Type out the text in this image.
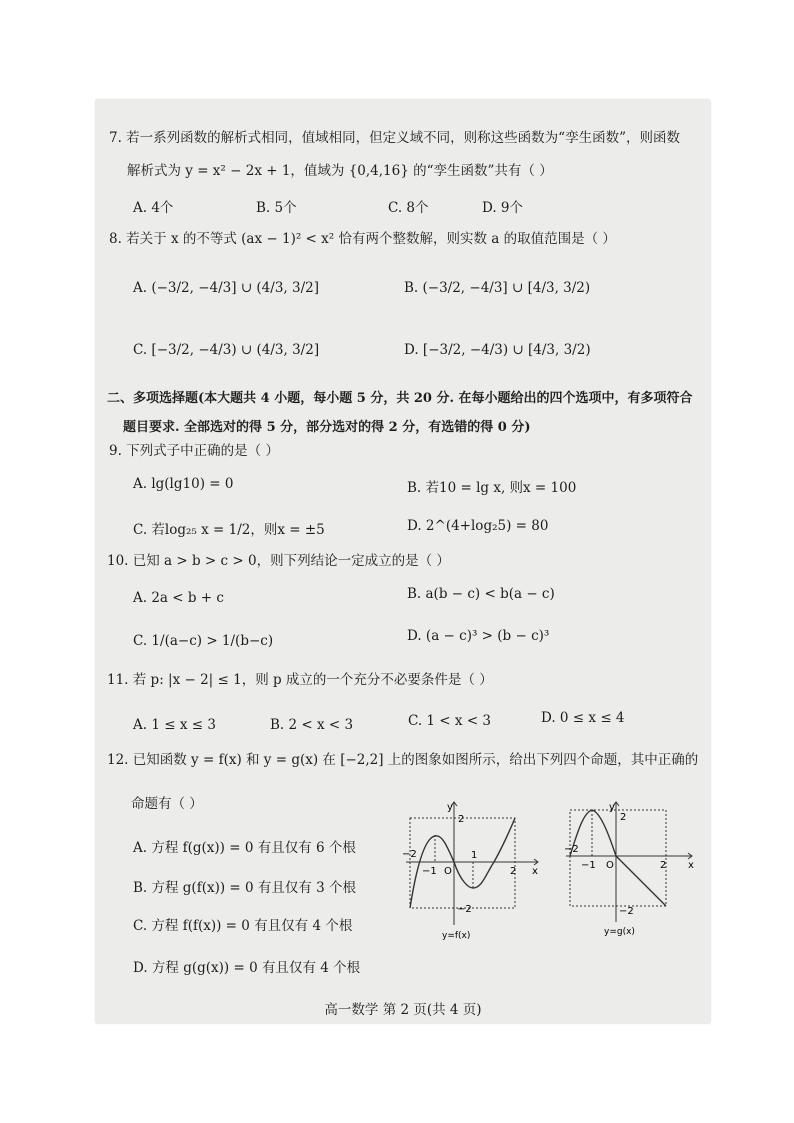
7. 若一系列函数的解析式相同，值域相同，但定义域不同，则称这些函数为“孪生函数”，则函数
解析式为 y = x² − 2x + 1，值域为 {0,4,16} 的“孪生函数”共有（ ）
A. 4个	B. 5个	C. 8个	D. 9个
8. 若关于 x 的不等式 (ax − 1)² < x² 恰有两个整数解，则实数 a 的取值范围是（ ）
A. (−3/2, −4/3] ∪ (4/3, 3/2]	B. (−3/2, −4/3] ∪ [4/3, 3/2)
C. [−3/2, −4/3) ∪ (4/3, 3/2]	D. [−3/2, −4/3) ∪ [4/3, 3/2)
二、多项选择题(本大题共 4 小题，每小题 5 分，共 20 分. 在每小题给出的四个选项中，有多项符合
题目要求. 全部选对的得 5 分，部分选对的得 2 分，有选错的得 0 分)
9. 下列式子中正确的是（ ）
A. lg(lg10) = 0	B. 若10 = lg x, 则x = 100
C. 若log₂₅ x = 1/2，则x = ±5	D. 2^(4+log₂5) = 80
10. 已知 a > b > c > 0，则下列结论一定成立的是（ ）
A. 2a < b + c	B. a(b − c) < b(a − c)
C. 1/(a−c) > 1/(b−c)	D. (a − c)³ > (b − c)³
11. 若 p: |x − 2| ≤ 1，则 p 成立的一个充分不必要条件是（ ）
A. 1 ≤ x ≤ 3	B. 2 < x < 3	C. 1 < x < 3	D. 0 ≤ x ≤ 4
12. 已知函数 y = f(x) 和 y = g(x) 在 [−2,2] 上的图象如图所示，给出下列四个命题，其中正确的
命题有（ ）
A. 方程 f(g(x)) = 0 有且仅有 6 个根
B. 方程 g(f(x)) = 0 有且仅有 3 个根
C. 方程 f(f(x)) = 0 有且仅有 4 个根
D. 方程 g(g(x)) = 0 有且仅有 4 个根
y
x
−2
−1 O
1
2
2
−2
y=f(x)
y
x
−2
−1 O	2
2
−2
y=g(x)
高一数学 第 2 页(共 4 页)
